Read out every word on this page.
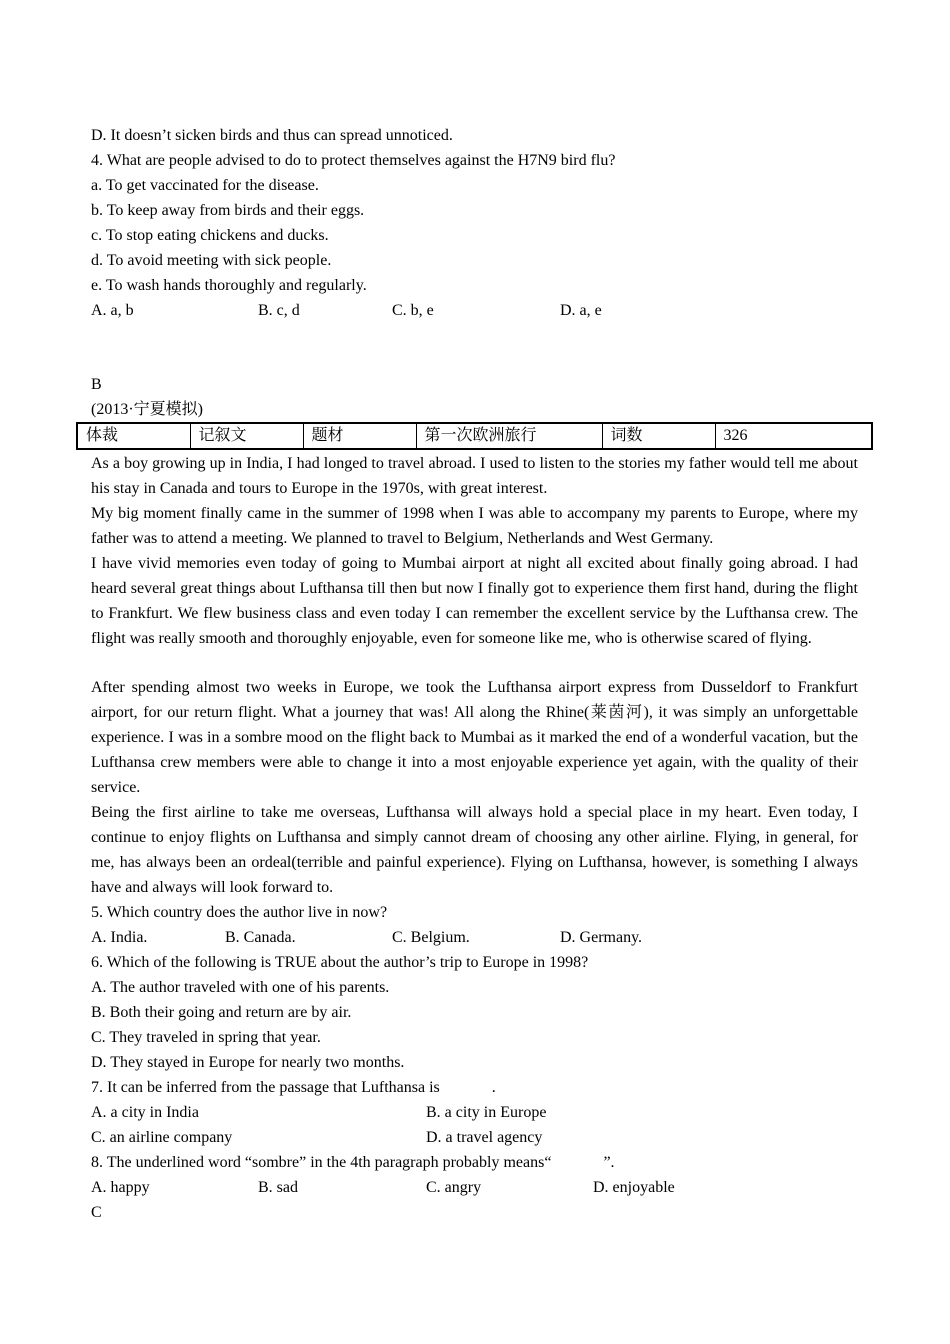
D. It doesn’t sicken birds and thus can spread unnoticed.
4. What are people advised to do to protect themselves against the H7N9 bird flu?
a. To get vaccinated for the disease.
b. To keep away from birds and their eggs.
c. To stop eating chickens and ducks.
d. To avoid meeting with sick people.
e. To wash hands thoroughly and regularly.
A. a, b	B. c, d	C. b, e	D. a, e
B
(2013·宁夏模拟)
体裁	记叙文	题材	第一次欧洲旅行	词数	326
As a boy growing up in India, I had longed to travel abroad. I used to listen to the stories my father would tell me about his stay in Canada and tours to Europe in the 1970s, with great interest.
My big moment finally came in the summer of 1998 when I was able to accompany my parents to Europe, where my father was to attend a meeting. We planned to travel to Belgium, Netherlands and West Germany.
I have vivid memories even today of going to Mumbai airport at night all excited about finally going abroad. I had heard several great things about Lufthansa till then but now I finally got to experience them first hand, during the flight to Frankfurt. We flew business class and even today I can remember the excellent service by the Lufthansa crew. The flight was really smooth and thoroughly enjoyable, even for someone like me, who is otherwise scared of flying.
After spending almost two weeks in Europe, we took the Lufthansa airport express from Dusseldorf to Frankfurt airport, for our return flight. What a journey that was! All along the Rhine(莱茵河), it was simply an unforgettable experience. I was in a sombre mood on the flight back to Mumbai as it marked the end of a wonderful vacation, but the Lufthansa crew members were able to change it into a most enjoyable experience yet again, with the quality of their service.
Being the first airline to take me overseas, Lufthansa will always hold a special place in my heart. Even today, I continue to enjoy flights on Lufthansa and simply cannot dream of choosing any other airline. Flying, in general, for me, has always been an ordeal(terrible and painful experience). Flying on Lufthansa, however, is something I always have and always will look forward to.
5. Which country does the author live in now?
A. India.	B. Canada.	C. Belgium.	D. Germany.
6. Which of the following is TRUE about the author’s trip to Europe in 1998?
A. The author traveled with one of his parents.
B. Both their going and return are by air.
C. They traveled in spring that year.
D. They stayed in Europe for nearly two months.
7. It can be inferred from the passage that Lufthansa is	.
A. a city in India	B. a city in Europe
C. an airline company	D. a travel agency
8. The underlined word “sombre” in the 4th paragraph probably means“	”.
A. happy	B. sad	C. angry	D. enjoyable
C
